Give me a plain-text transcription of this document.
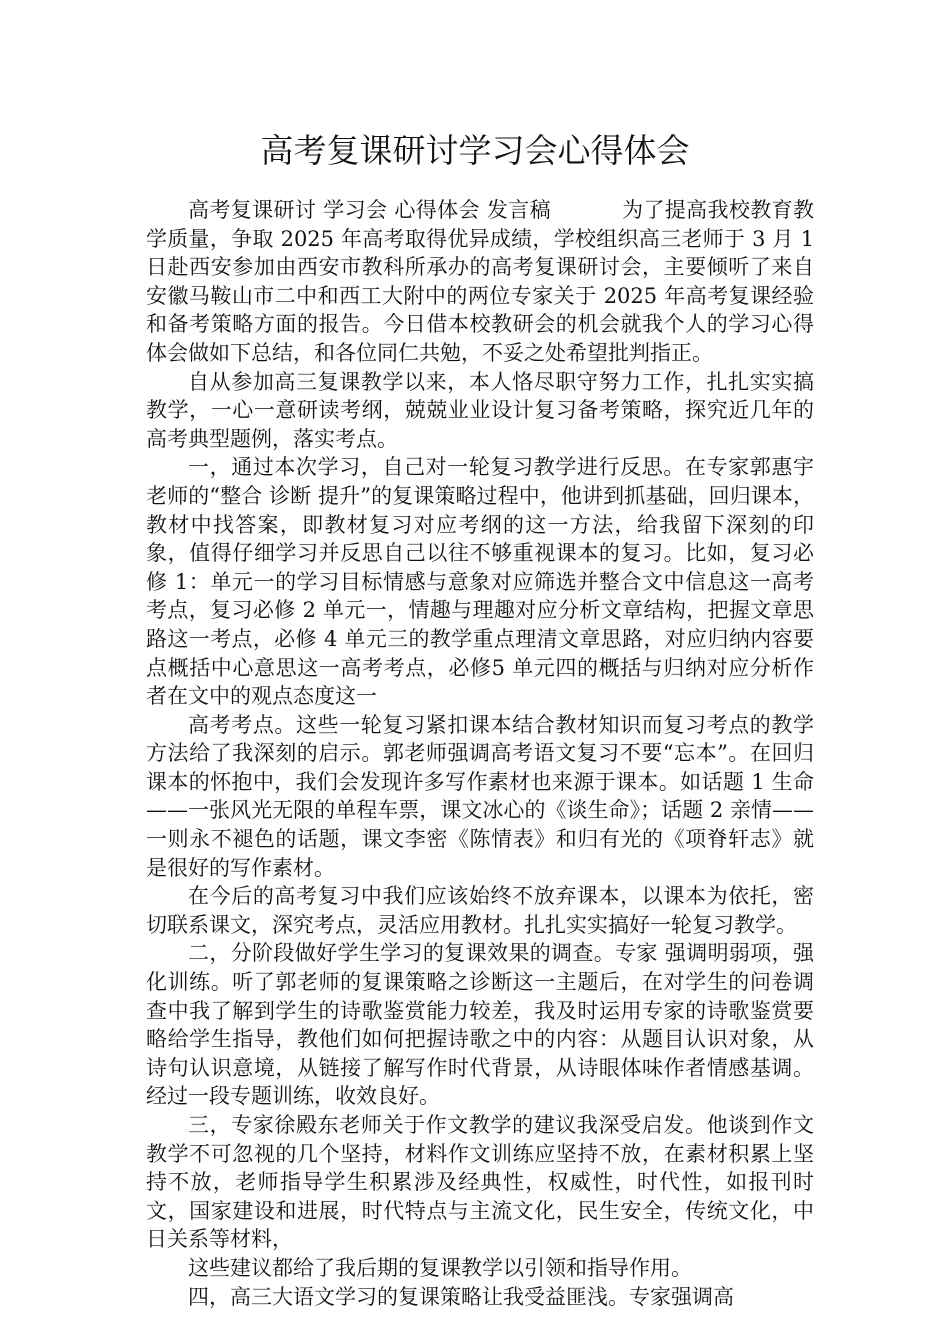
高考复课研讨学习会心得体会

高考复课研讨 学习会 心得体会 发言稿 　　　为了提高我校教育教学质量，争取 2025 年高考取得优异成绩，学校组织高三老师于 3 月 1 日赴西安参加由西安市教科所承办的高考复课研讨会，主要倾听了来自安徽马鞍山市二中和西工大附中的两位专家关于 2025 年高考复课经验和备考策略方面的报告。今日借本校教研会的机会就我个人的学习心得体会做如下总结，和各位同仁共勉，不妥之处希望批判指正。

自从参加高三复课教学以来，本人恪尽职守努力工作，扎扎实实搞教学，一心一意研读考纲，兢兢业业设计复习备考策略，探究近几年的高考典型题例，落实考点。

一，通过本次学习，自己对一轮复习教学进行反思。在专家郭惠宇老师的“整合 诊断 提升”的复课策略过程中，他讲到抓基础，回归课本，教材中找答案，即教材复习对应考纲的这一方法，给我留下深刻的印象，值得仔细学习并反思自己以往不够重视课本的复习。比如，复习必修 1：单元一的学习目标情感与意象对应筛选并整合文中信息这一高考考点，复习必修 2 单元一，情趣与理趣对应分析文章结构，把握文章思路这一考点，必修 4 单元三的教学重点理清文章思路，对应归纳内容要点概括中心意思这一高考考点，必修5 单元四的概括与归纳对应分析作者在文中的观点态度这一

高考考点。这些一轮复习紧扣课本结合教材知识而复习考点的教学方法给了我深刻的启示。郭老师强调高考语文复习不要“忘本”。在回归课本的怀抱中，我们会发现许多写作素材也来源于课本。如话题 1 生命——一张风光无限的单程车票，课文冰心的《谈生命》；话题 2 亲情——一则永不褪色的话题，课文李密《陈情表》和归有光的《项脊轩志》就是很好的写作素材。

在今后的高考复习中我们应该始终不放弃课本，以课本为依托，密切联系课文，深究考点，灵活应用教材。扎扎实实搞好一轮复习教学。

二，分阶段做好学生学习的复课效果的调查。专家 强调明弱项，强化训练。听了郭老师的复课策略之诊断这一主题后，在对学生的问卷调查中我了解到学生的诗歌鉴赏能力较差，我及时运用专家的诗歌鉴赏要略给学生指导，教他们如何把握诗歌之中的内容：从题目认识对象，从诗句认识意境，从链接了解写作时代背景，从诗眼体味作者情感基调。经过一段专题训练，收效良好。

三，专家徐殿东老师关于作文教学的建议我深受启发。他谈到作文教学不可忽视的几个坚持，材料作文训练应坚持不放，在素材积累上坚持不放，老师指导学生积累涉及经典性，权威性，时代性，如报刊时文，国家建设和进展，时代特点与主流文化，民生安全，传统文化，中日关系等材料，

这些建议都给了我后期的复课教学以引领和指导作用。

四，高三大语文学习的复课策略让我受益匪浅。专家强调高
